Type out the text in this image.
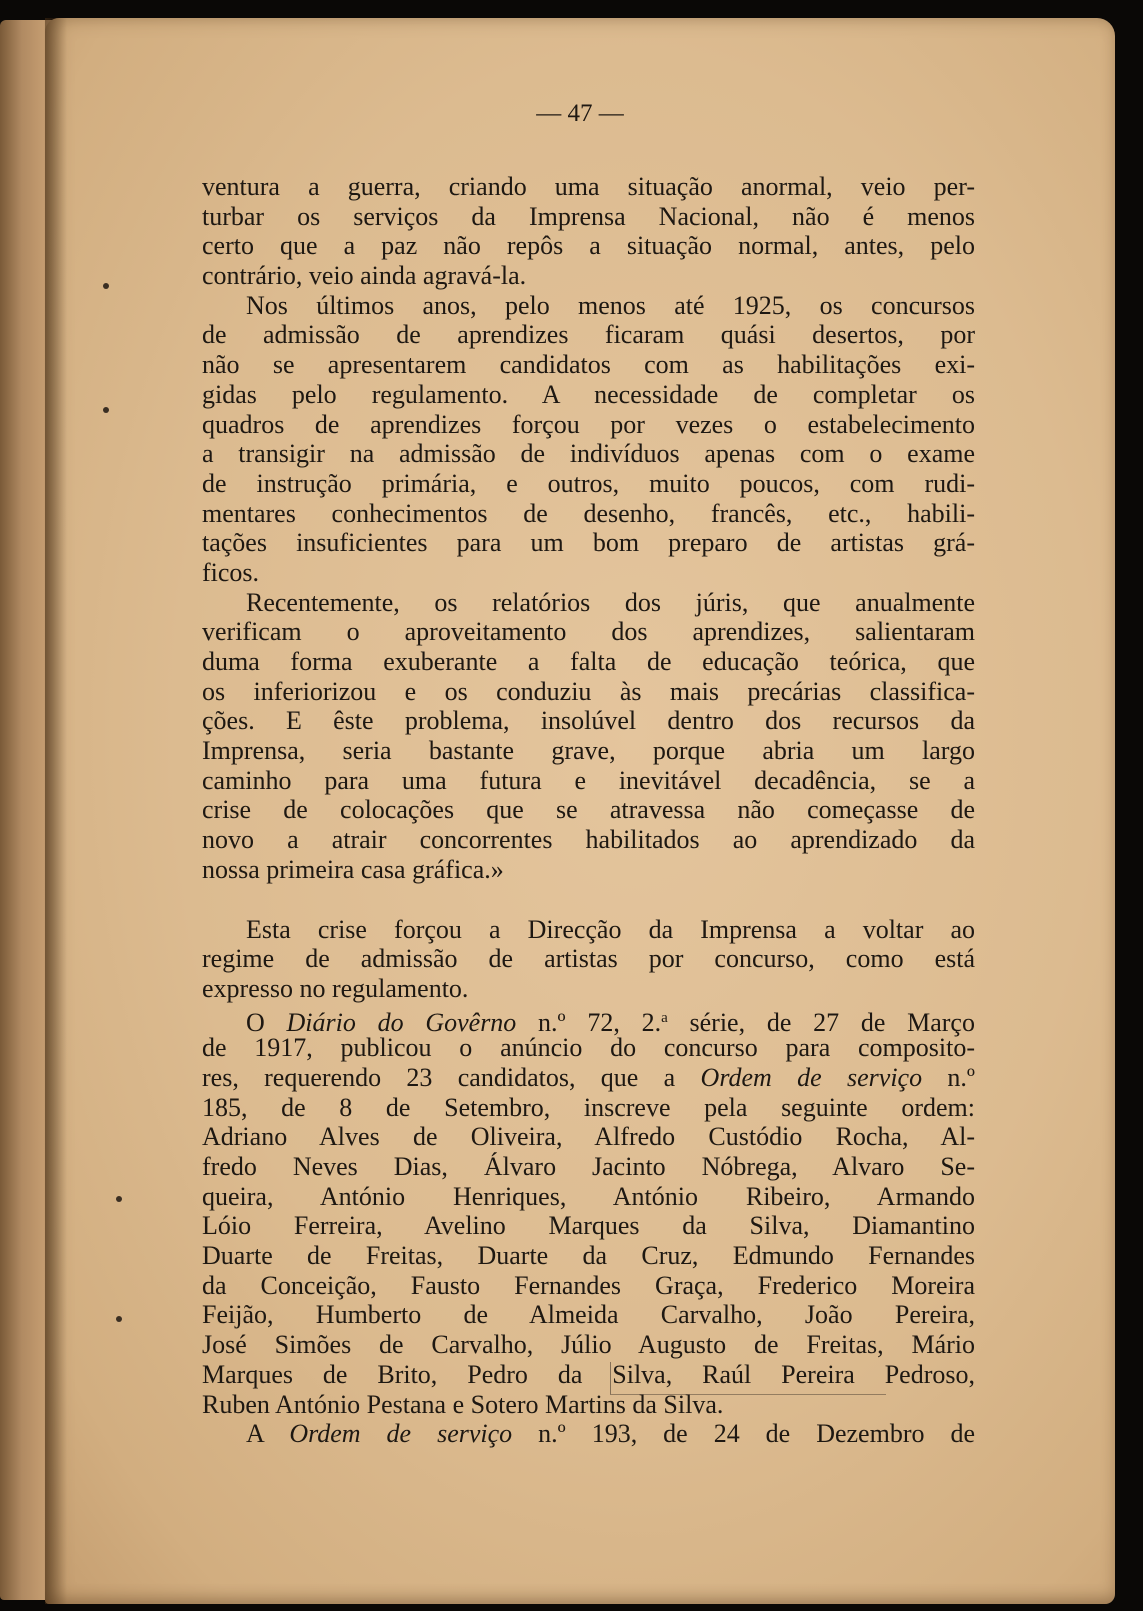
— 47 —
ventura a guerra, criando uma situação anormal, veio per-
turbar os serviços da Imprensa Nacional, não é menos
certo que a paz não repôs a situação normal, antes, pelo
contrário, veio ainda agravá-la.
Nos últimos anos, pelo menos até 1925, os concursos
de admissão de aprendizes ficaram quási desertos, por
não se apresentarem candidatos com as habilitações exi-
gidas pelo regulamento. A necessidade de completar os
quadros de aprendizes forçou por vezes o estabelecimento
a transigir na admissão de indivíduos apenas com o exame
de instrução primária, e outros, muito poucos, com rudi-
mentares conhecimentos de desenho, francês, etc., habili-
tações insuficientes para um bom preparo de artistas grá-
ficos.
Recentemente, os relatórios dos júris, que anualmente
verificam o aproveitamento dos aprendizes, salientaram
duma forma exuberante a falta de educação teórica, que
os inferiorizou e os conduziu às mais precárias classifica-
ções. E êste problema, insolúvel dentro dos recursos da
Imprensa, seria bastante grave, porque abria um largo
caminho para uma futura e inevitável decadência, se a
crise de colocações que se atravessa não começasse de
novo a atrair concorrentes habilitados ao aprendizado da
nossa primeira casa gráfica.»
Esta crise forçou a Direcção da Imprensa a voltar ao
regime de admissão de artistas por concurso, como está
expresso no regulamento.
O Diário do Govêrno n.º 72, 2.$^a$ série, de 27 de Março
de 1917, publicou o anúncio do concurso para composito-
res, requerendo 23 candidatos, que a Ordem de serviço n.º
185, de 8 de Setembro, inscreve pela seguinte ordem:
Adriano Alves de Oliveira, Alfredo Custódio Rocha, Al-
fredo Neves Dias, Álvaro Jacinto Nóbrega, Alvaro Se-
queira, António Henriques, António Ribeiro, Armando
Lóio Ferreira, Avelino Marques da Silva, Diamantino
Duarte de Freitas, Duarte da Cruz, Edmundo Fernandes
da Conceição, Fausto Fernandes Graça, Frederico Moreira
Feijão, Humberto de Almeida Carvalho, João Pereira,
José Simões de Carvalho, Júlio Augusto de Freitas, Mário
Marques de Brito, Pedro da Silva, Raúl Pereira Pedroso,
Ruben António Pestana e Sotero Martins da Silva.
A Ordem de serviço n.º 193, de 24 de Dezembro de
